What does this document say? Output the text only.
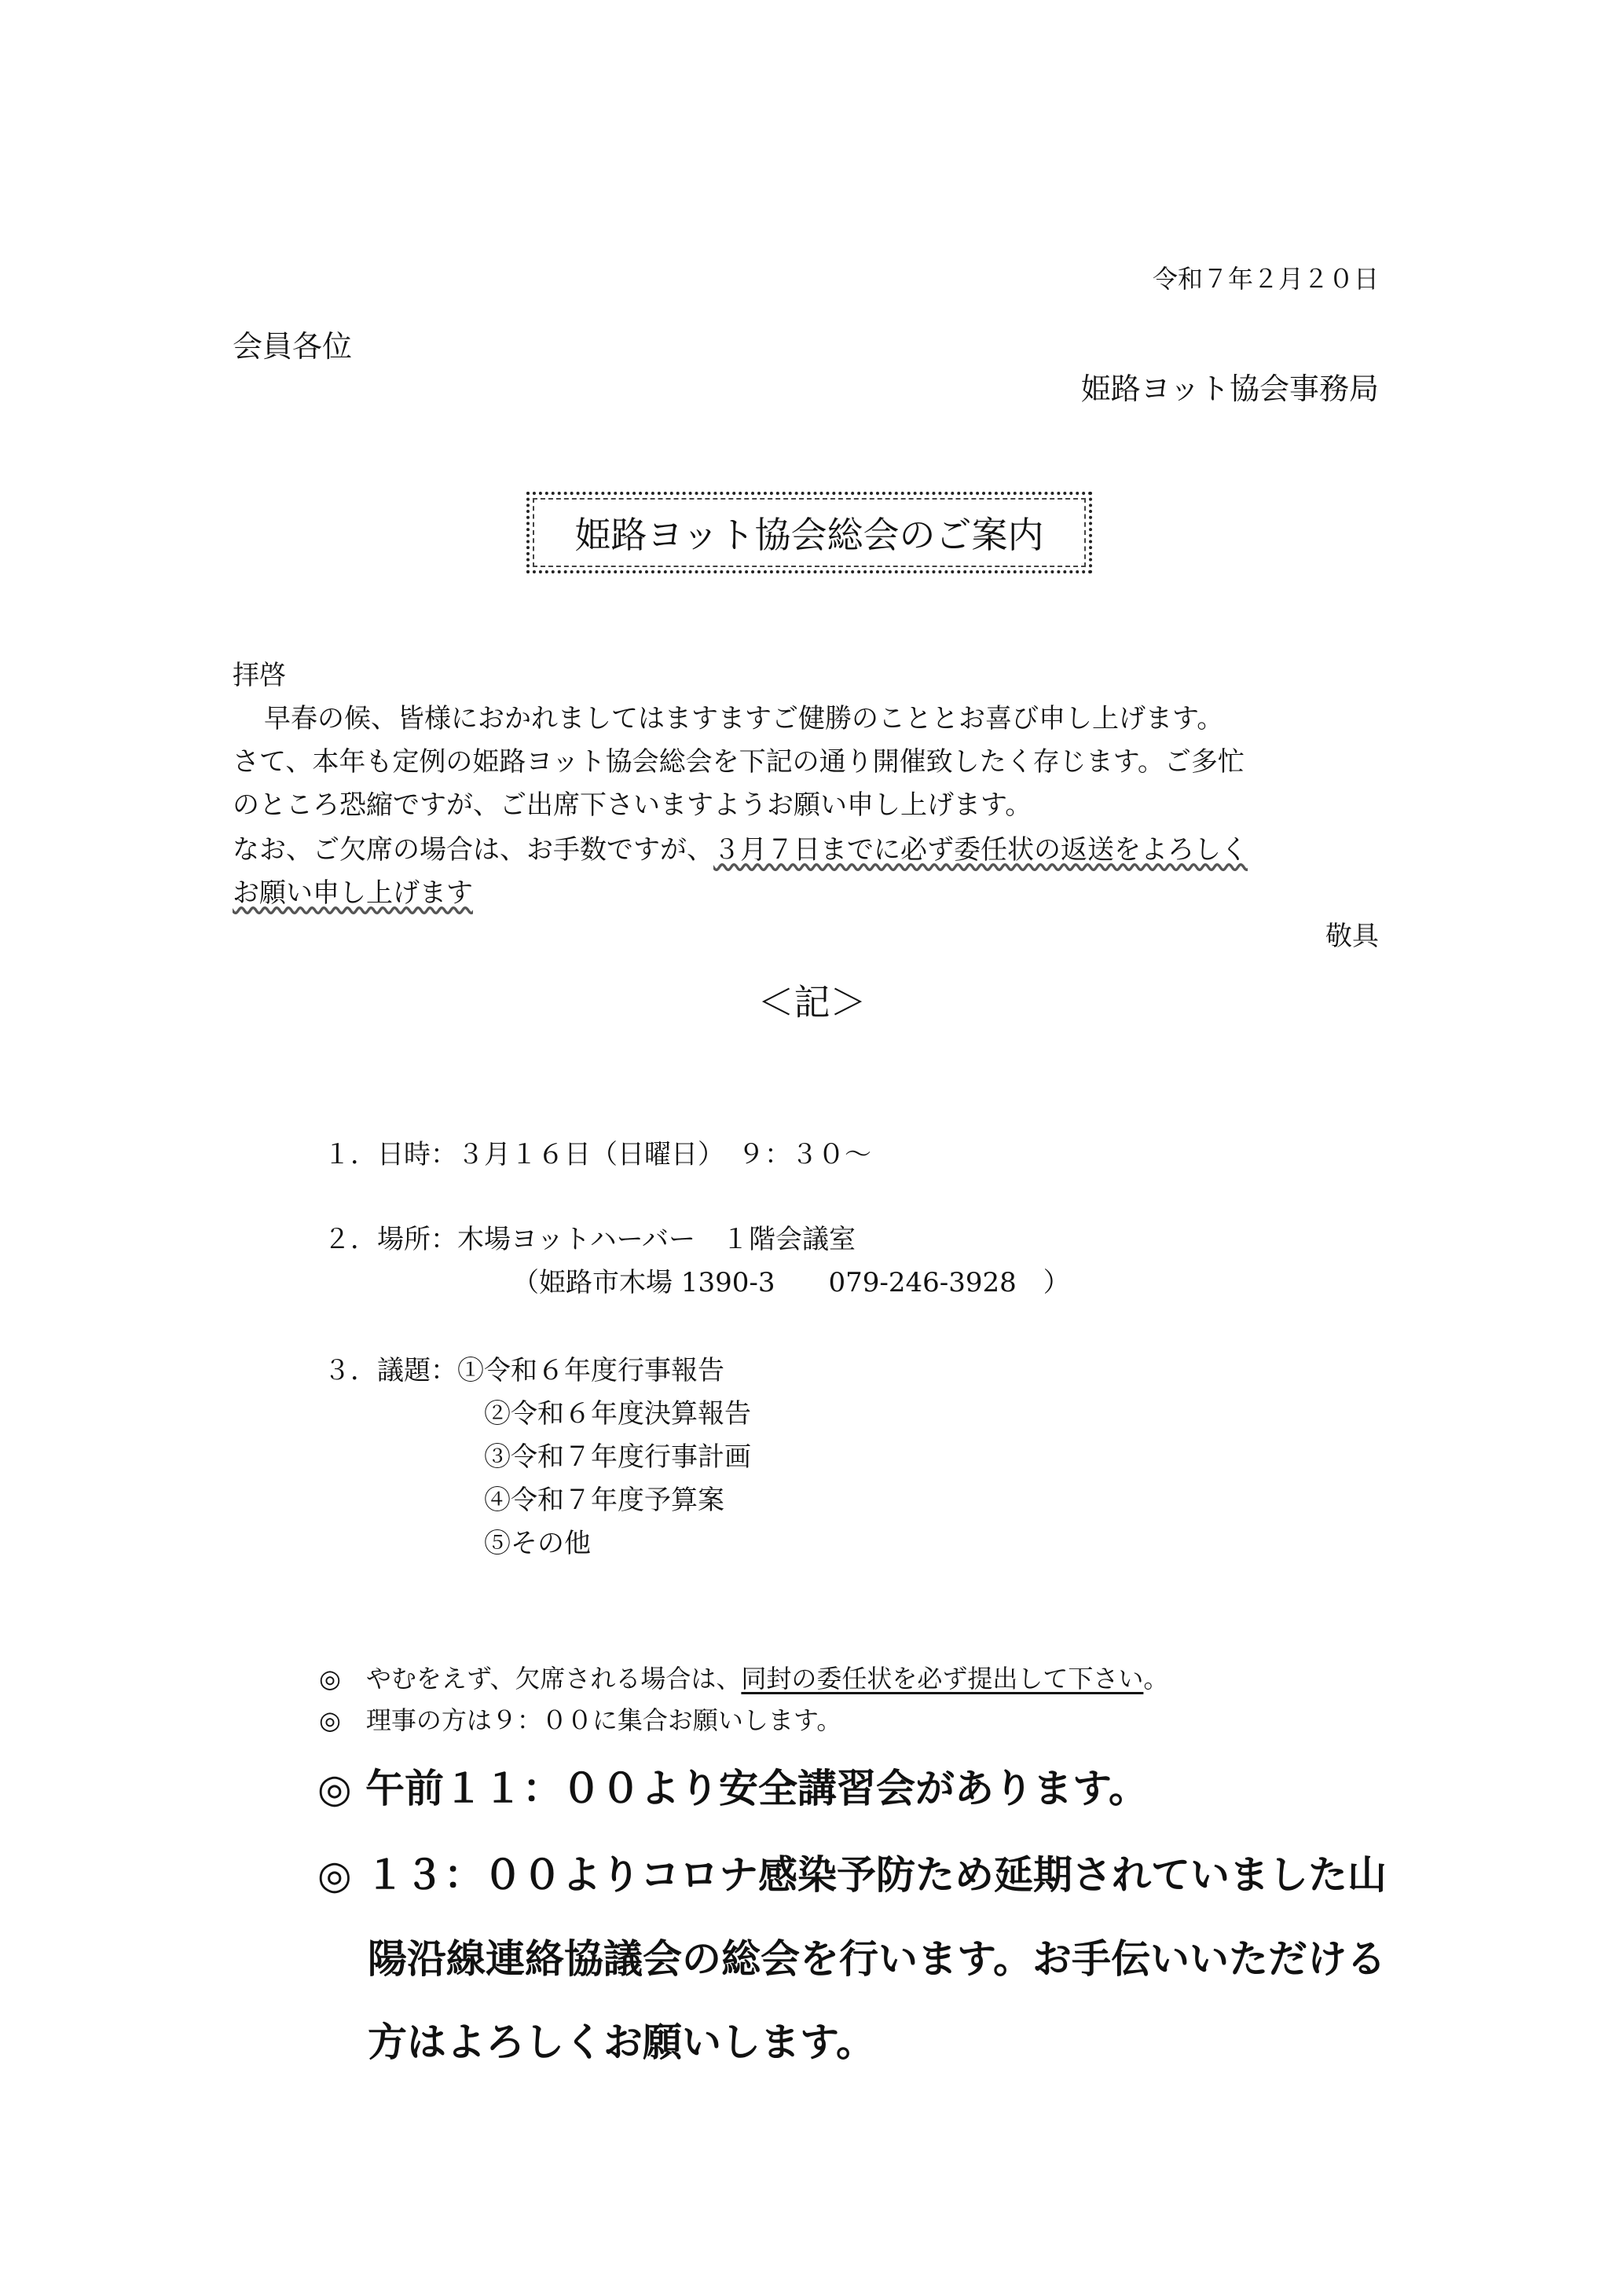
令和７年２月２０日
会員各位
姫路ヨット協会事務局
姫路ヨット協会総会のご案内
拝啓
早春の候、皆様におかれましてはますますご健勝のこととお喜び申し上げます。
さて、本年も定例の姫路ヨット協会総会を下記の通り開催致したく存じます。ご多忙
のところ恐縮ですが、ご出席下さいますようお願い申し上げます。
なお、ご欠席の場合は、お手数ですが、３月７日までに必ず委任状の返送をよろしく
お願い申し上げます
敬具
＜記＞
１．日時：３月１６日（日曜日）　９：３０～
２．場所：木場ヨットハーバー　１階会議室
（姫路市木場 1390-3　　079-246-3928　）
３．議題：①令和６年度行事報告
②令和６年度決算報告
③令和７年度行事計画
④令和７年度予算案
⑤その他
◎　やむをえず、欠席される場合は、同封の委任状を必ず提出して下さい。
◎　理事の方は９：００に集合お願いします。
◎ 午前１１：００より安全講習会があります。
◎ １３：００よりコロナ感染予防ため延期されていました山
陽沿線連絡協議会の総会を行います。お手伝いいただける
方はよろしくお願いします。
